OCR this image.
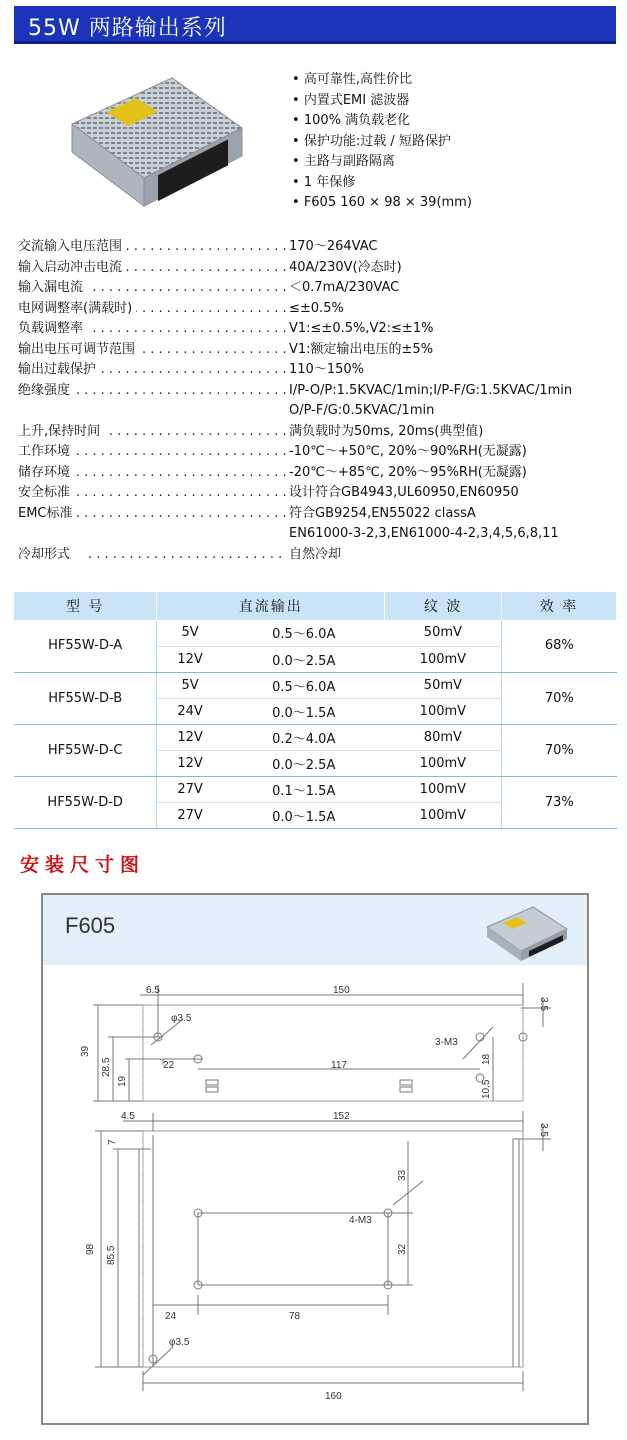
55W 两路输出系列
• 高可靠性,高性价比
• 内置式EMI 滤波器
• 100% 满负载老化
• 保护功能:过载 / 短路保护
• 主路与副路隔离
• 1 年保修
• F605 160 × 98 × 39(mm)
. . .
交流输入电压范围	170～264VAC
. . .
输入启动冲击电流	40A/230V(冷态时)
. . .
输入漏电流	＜0.7mA/230VAC
. . .
电网调整率(满载时)	≤±0.5%
. . .
负载调整率	V1:≤±0.5%,V2:≤±1%
. . .
输出电压可调节范围	V1:额定输出电压的±5%
. . .
输出过载保护	110～150%
. . .
绝缘强度	I/P-O/P:1.5KVAC/1min;I/P-F/G:1.5KVAC/1min
O/P-F/G:0.5KVAC/1min
. . .
上升,保持时间	满负载时为50ms, 20ms(典型值)
. . .
工作环境	-10℃～+50℃, 20%～90%RH(无凝露)
. . .
储存环境	-20℃～+85℃, 20%～95%RH(无凝露)
. . .
安全标准	设计符合GB4943,UL60950,EN60950
. . .
EMC标准	符合GB9254,EN55022 classA
EN61000-3-2,3,EN61000-4-2,3,4,5,6,8,11
冷却形式 . . .	自然冷却
型 号	直流输出		纹 波	效 率
HF55W-D-A	5V	0.5～6.0A	50mV	68%
	12V	0.0～2.5A	100mV	
HF55W-D-B	5V	0.5～6.0A	50mV	70%
	24V	0.0～1.5A	100mV	
HF55W-D-C	12V	0.2～4.0A	80mV	70%
	12V	0.0～2.5A	100mV	
HF55W-D-D	27V	0.1～1.5A	100mV	73%
	27V	0.0～1.5A	100mV	
安装尺寸图
F605
6.5	150
3.5
φ3.5
39
28.5
19
22	117
3-M3
18
10.5
4.5	152
7
3.5
33
4-M3
98 85.5	32
24	78
φ3.5
160
